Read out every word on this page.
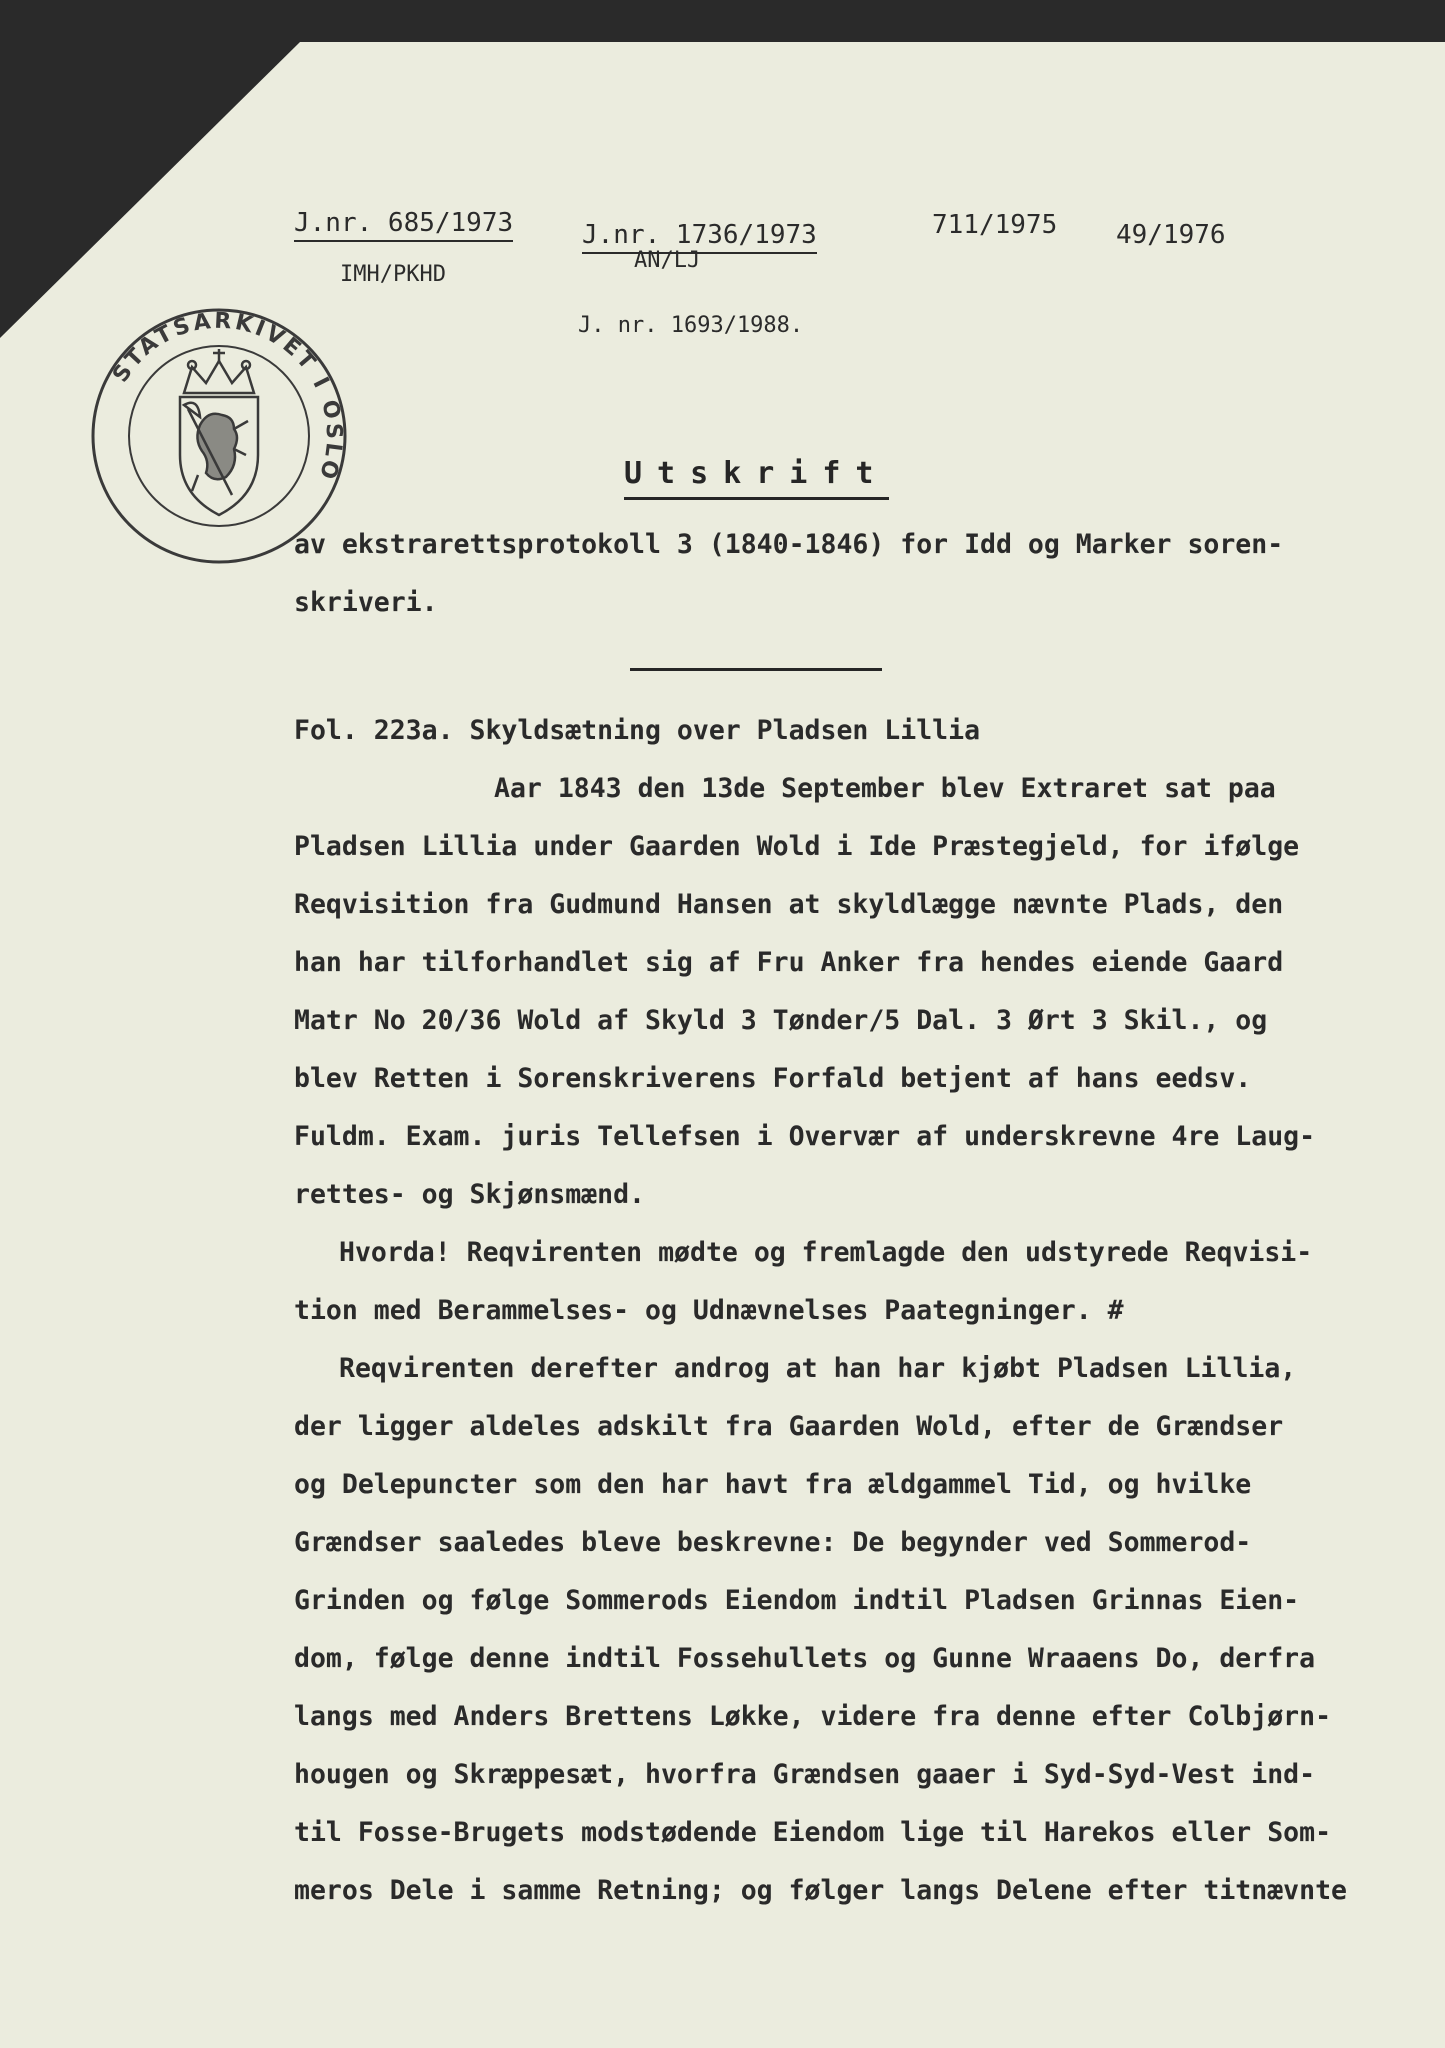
J.nr. 685/1973
IMH/PKHD
J.nr. 1736/1973
AN/LJ
711/1975 49/1976
J. nr. 1693/1988.
STATSARKIVET I OSLO	Utskrift
av ekstrarettsprotokoll 3 (1840-1846) for Idd og Marker soren-
skriveri.
Fol. 223a. Skyldsætning over Pladsen Lillia
Aar 1843 den 13de September blev Extraret sat paa
Pladsen Lillia under Gaarden Wold i Ide Præstegjeld, for ifølge
Reqvisition fra Gudmund Hansen at skyldlægge nævnte Plads, den
han har tilforhandlet sig af Fru Anker fra hendes eiende Gaard
Matr No 20/36 Wold af Skyld 3 Tønder/5 Dal. 3 Ørt 3 Skil., og
blev Retten i Sorenskriverens Forfald betjent af hans eedsv.
Fuldm. Exam. juris Tellefsen i Overvær af underskrevne 4re Laug-
rettes- og Skjønsmænd.
Hvorda! Reqvirenten mødte og fremlagde den udstyrede Reqvisi-
tion med Berammelses- og Udnævnelses Paategninger. #
Reqvirenten derefter androg at han har kjøbt Pladsen Lillia,
der ligger aldeles adskilt fra Gaarden Wold, efter de Grændser
og Delepuncter som den har havt fra ældgammel Tid, og hvilke
Grændser saaledes bleve beskrevne: De begynder ved Sommerod-
Grinden og følge Sommerods Eiendom indtil Pladsen Grinnas Eien-
dom, følge denne indtil Fossehullets og Gunne Wraaens Do, derfra
langs med Anders Brettens Løkke, videre fra denne efter Colbjørn-
hougen og Skræppesæt, hvorfra Grændsen gaaer i Syd-Syd-Vest ind-
til Fosse-Brugets modstødende Eiendom lige til Harekos eller Som-
meros Dele i samme Retning; og følger langs Delene efter titnævnte
